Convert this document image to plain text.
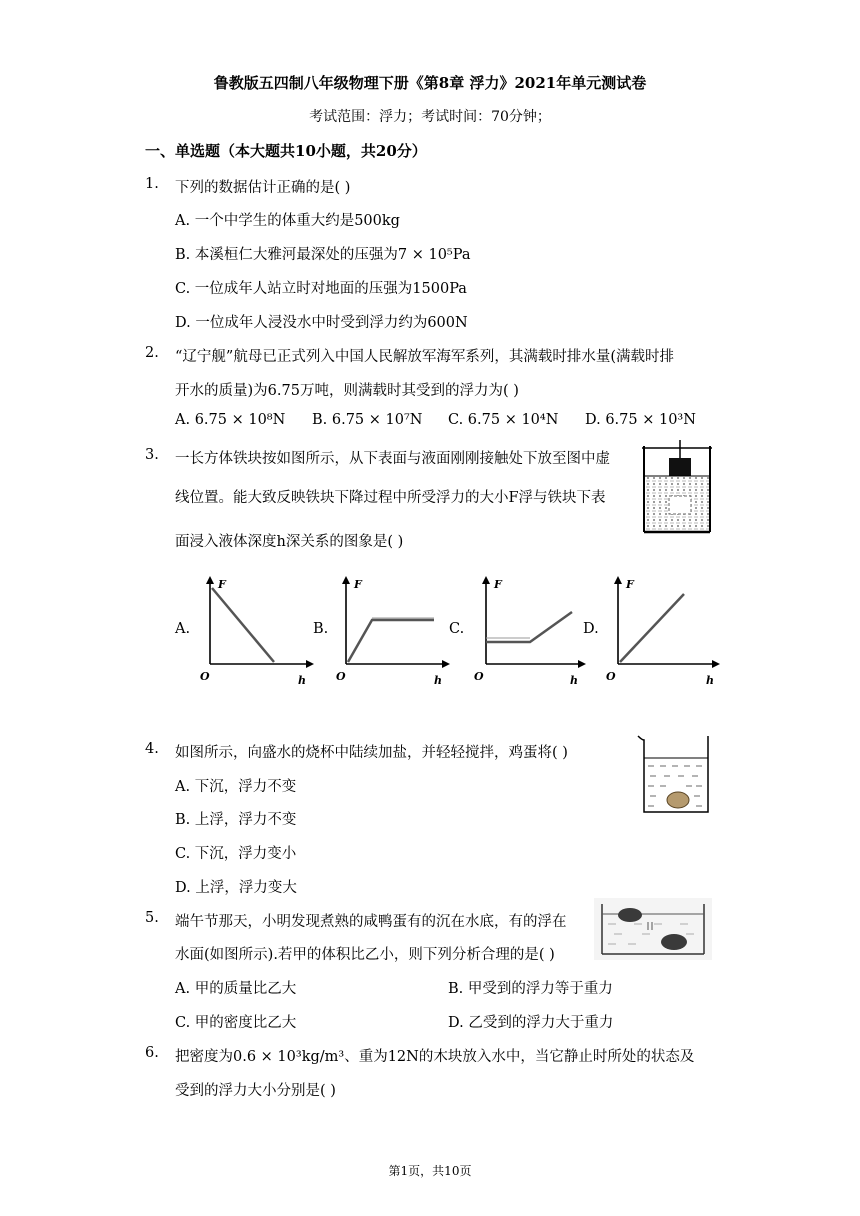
鲁教版五四制八年级物理下册《第8章 浮力》2021年单元测试卷
考试范围：浮力；考试时间：70分钟；
一、单选题（本大题共10小题，共20分）
1. 下列的数据估计正确的是( )
A. 一个中学生的体重大约是500kg
B. 本溪桓仁大雅河最深处的压强为7 × 10⁵Pa
C. 一位成年人站立时对地面的压强为1500Pa
D. 一位成年人浸没水中时受到浮力约为600N
2. “辽宁舰”航母已正式列入中国人民解放军海军系列，其满载时排水量(满载时排
开水的质量)为6.75万吨，则满载时其受到的浮力为( )
A. 6.75 × 10⁸N B. 6.75 × 10⁷N C. 6.75 × 10⁴N D. 6.75 × 10³N
3. 一长方体铁块按如图所示，从下表面与液面刚刚接触处下放至图中虚
线位置。能大致反映铁块下降过程中所受浮力的大小F浮与铁块下表
面浸入液体深度h深关系的图象是( )
A.	B.	C.	D.
F
O	h
F
O	h
F
O	h
F
O	h
4. 如图所示，向盛水的烧杯中陆续加盐，并轻轻搅拌，鸡蛋将( )
A. 下沉，浮力不变
B. 上浮，浮力不变
C. 下沉，浮力变小
D. 上浮，浮力变大
5. 端午节那天，小明发现煮熟的咸鸭蛋有的沉在水底，有的浮在
水面(如图所示).若甲的体积比乙小，则下列分析合理的是( )
A. 甲的质量比乙大	B. 甲受到的浮力等于重力
C. 甲的密度比乙大	D. 乙受到的浮力大于重力
6. 把密度为0.6 × 10³kg/m³、重为12N的木块放入水中，当它静止时所处的状态及
受到的浮力大小分别是( )
第1页，共10页
